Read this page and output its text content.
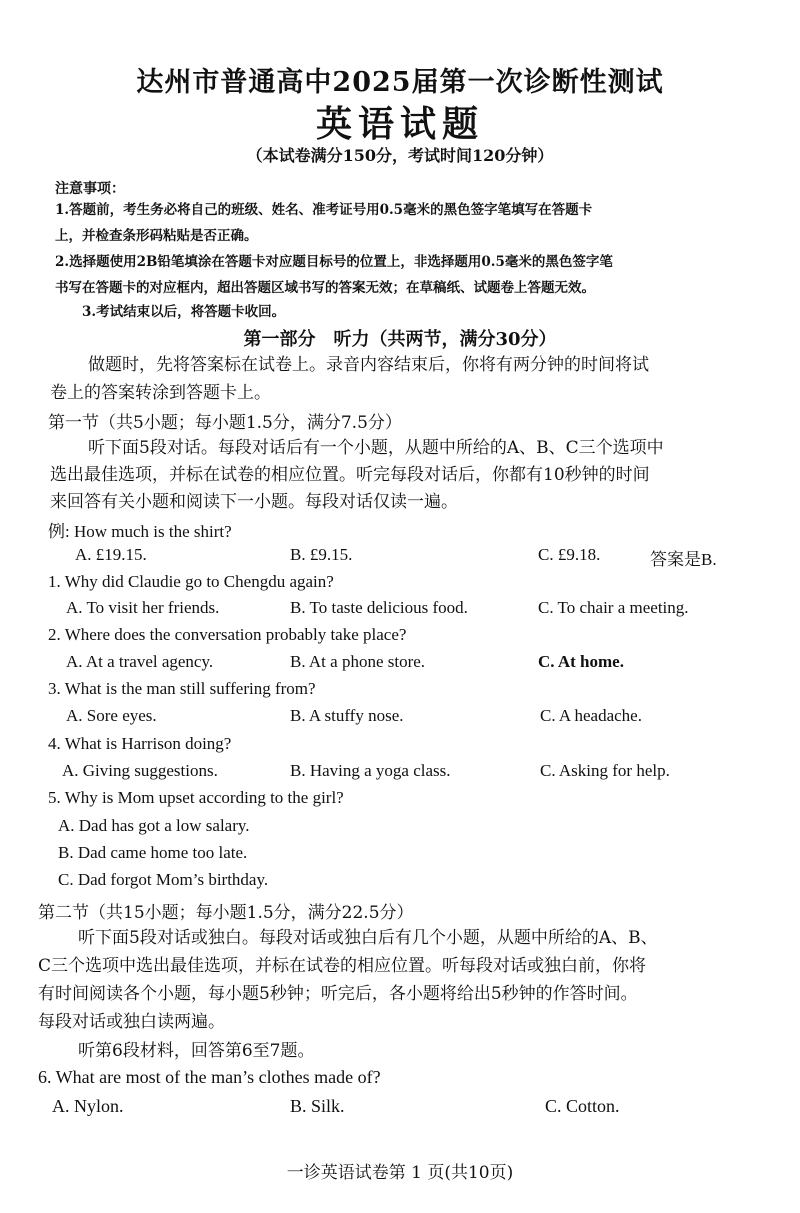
达州市普通高中2025届第一次诊断性测试
英语试题
（本试卷满分150分，考试时间120分钟）
注意事项：
1.答题前，考生务必将自己的班级、姓名、准考证号用0.5毫米的黑色签字笔填写在答题卡
上，并检查条形码粘贴是否正确。
2.选择题使用2B铅笔填涂在答题卡对应题目标号的位置上，非选择题用0.5毫米的黑色签字笔
书写在答题卡的对应框内，超出答题区域书写的答案无效；在草稿纸、试题卷上答题无效。
3.考试结束以后，将答题卡收回。
第一部分　听力（共两节，满分30分）
做题时，先将答案标在试卷上。录音内容结束后，你将有两分钟的时间将试
卷上的答案转涂到答题卡上。
第一节（共5小题；每小题1.5分，满分7.5分）
听下面5段对话。每段对话后有一个小题，从题中所给的A、B、C三个选项中
选出最佳选项，并标在试卷的相应位置。听完每段对话后，你都有10秒钟的时间
来回答有关小题和阅读下一小题。每段对话仅读一遍。
例: How much is the shirt?
A. £19.15.	B. £9.15.	C. £9.18.	答案是B.
1. Why did Claudie go to Chengdu again?
A. To visit her friends.	B. To taste delicious food.	C. To chair a meeting.
2. Where does the conversation probably take place?
A. At a travel agency.	B. At a phone store.	C. At home.
3. What is the man still suffering from?
A. Sore eyes.	B. A stuffy nose.	C. A headache.
4. What is Harrison doing?
A. Giving suggestions.	B. Having a yoga class.	C. Asking for help.
5. Why is Mom upset according to the girl?
A. Dad has got a low salary.
B. Dad came home too late.
C. Dad forgot Mom’s birthday.
第二节（共15小题；每小题1.5分，满分22.5分）
听下面5段对话或独白。每段对话或独白后有几个小题，从题中所给的A、B、
C三个选项中选出最佳选项，并标在试卷的相应位置。听每段对话或独白前，你将
有时间阅读各个小题，每小题5秒钟；听完后，各小题将给出5秒钟的作答时间。
每段对话或独白读两遍。
听第6段材料，回答第6至7题。
6. What are most of the man’s clothes made of?
A. Nylon.	B. Silk.	C. Cotton.
一诊英语试卷第 1 页(共10页)
